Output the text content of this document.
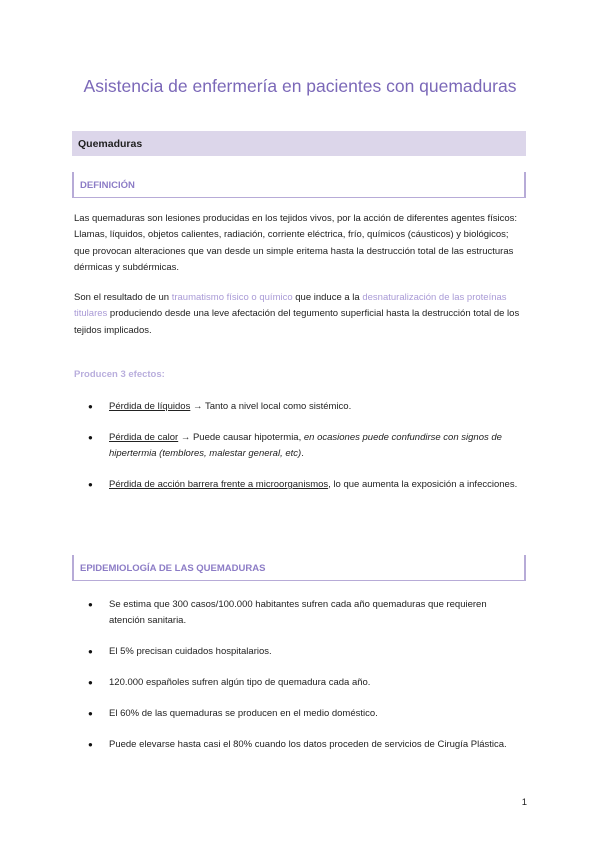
Asistencia de enfermería en pacientes con quemaduras
Quemaduras
DEFINICIÓN

Las quemaduras son lesiones producidas en los tejidos vivos, por la acción de diferentes agentes físicos: Llamas, líquidos, objetos calientes, radiación, corriente eléctrica, frío, químicos (cáusticos) y biológicos; que provocan alteraciones que van desde un simple eritema hasta la destrucción total de las estructuras dérmicas y subdérmicas.

Son el resultado de un traumatismo físico o químico que induce a la desnaturalización de las proteínas titulares produciendo desde una leve afectación del tegumento superficial hasta la destrucción total de los tejidos implicados.

Producen 3 efectos:
● Pérdida de líquidos → Tanto a nivel local como sistémico.
● Pérdida de calor → Puede causar hipotermia, en ocasiones puede confundirse con signos de hipertermia (temblores, malestar general, etc).
● Pérdida de acción barrera frente a microorganismos, lo que aumenta la exposición a infecciones.
EPIDEMIOLOGÍA DE LAS QUEMADURAS
● Se estima que 300 casos/100.000 habitantes sufren cada año quemaduras que requieren atención sanitaria.
● El 5% precisan cuidados hospitalarios.
● 120.000 españoles sufren algún tipo de quemadura cada año.
● El 60% de las quemaduras se producen en el medio doméstico.
● Puede elevarse hasta casi el 80% cuando los datos proceden de servicios de Cirugía Plástica.
1
